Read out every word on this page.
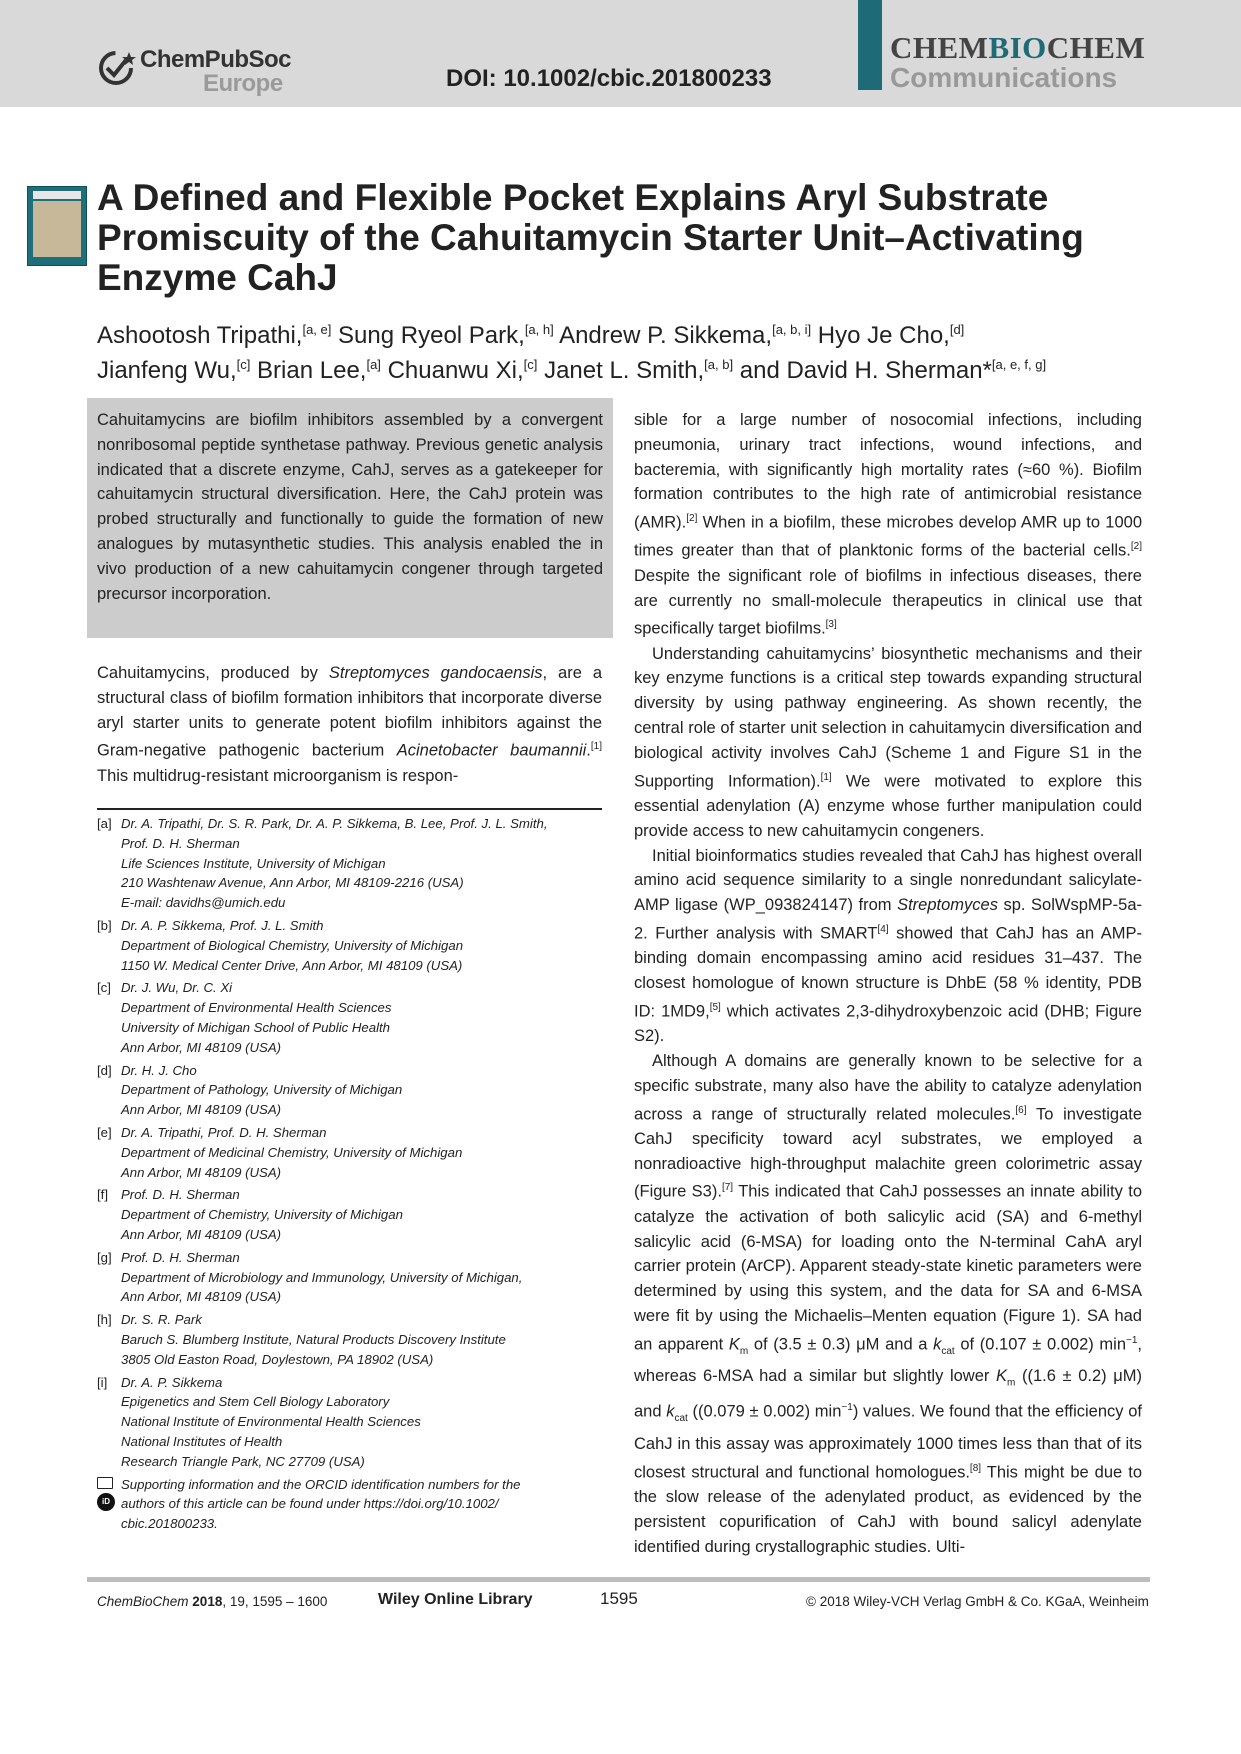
ChemPubSoc
Europe	DOI: 10.1002/cbic.201800233
CHEMBIOCHEM
Communications
A Defined and Flexible Pocket Explains Aryl Substrate Promiscuity of the Cahuitamycin Starter Unit–Activating Enzyme CahJ
Ashootosh Tripathi,[a, e] Sung Ryeol Park,[a, h] Andrew P. Sikkema,[a, b, i] Hyo Je Cho,[d]
Jianfeng Wu,[c] Brian Lee,[a] Chuanwu Xi,[c] Janet L. Smith,[a, b] and David H. Sherman*[a, e, f, g]
Cahuitamycins are biofilm inhibitors assembled by a convergent nonribosomal peptide synthetase pathway. Previous genetic analysis indicated that a discrete enzyme, CahJ, serves as a gatekeeper for cahuitamycin structural diversification. Here, the CahJ protein was probed structurally and functionally to guide the formation of new analogues by mutasynthetic studies. This analysis enabled the in vivo production of a new cahuitamycin congener through targeted precursor incorporation.

Cahuitamycins, produced by Streptomyces gandocaensis, are a structural class of biofilm formation inhibitors that incorporate diverse aryl starter units to generate potent biofilm inhibitors against the Gram-negative pathogenic bacterium Acinetobacter baumannii.[1] This multidrug-resistant microorganism is respon-

[a] Dr. A. Tripathi, Dr. S. R. Park, Dr. A. P. Sikkema, B. Lee, Prof. J. L. Smith,
Prof. D. H. Sherman
Life Sciences Institute, University of Michigan
210 Washtenaw Avenue, Ann Arbor, MI 48109-2216 (USA)
E-mail: davidhs@umich.edu
[b] Dr. A. P. Sikkema, Prof. J. L. Smith
Department of Biological Chemistry, University of Michigan
1150 W. Medical Center Drive, Ann Arbor, MI 48109 (USA)
[c] Dr. J. Wu, Dr. C. Xi
Department of Environmental Health Sciences
University of Michigan School of Public Health
Ann Arbor, MI 48109 (USA)
[d] Dr. H. J. Cho
Department of Pathology, University of Michigan
Ann Arbor, MI 48109 (USA)
[e] Dr. A. Tripathi, Prof. D. H. Sherman
Department of Medicinal Chemistry, University of Michigan
Ann Arbor, MI 48109 (USA)
[f] Prof. D. H. Sherman
Department of Chemistry, University of Michigan
Ann Arbor, MI 48109 (USA)
[g] Prof. D. H. Sherman
Department of Microbiology and Immunology, University of Michigan,
Ann Arbor, MI 48109 (USA)
[h] Dr. S. R. Park
Baruch S. Blumberg Institute, Natural Products Discovery Institute
3805 Old Easton Road, Doylestown, PA 18902 (USA)
[i] Dr. A. P. Sikkema
Epigenetics and Stem Cell Biology Laboratory
National Institute of Environmental Health Sciences
National Institutes of Health
Research Triangle Park, NC 27709 (USA)
iD
Supporting information and the ORCID identification numbers for the
authors of this article can be found under https://doi.org/10.1002/
cbic.201800233.

sible for a large number of nosocomial infections, including pneumonia, urinary tract infections, wound infections, and bacteremia, with significantly high mortality rates (≈60 %). Biofilm formation contributes to the high rate of antimicrobial resistance (AMR).[2] When in a biofilm, these microbes develop AMR up to 1000 times greater than that of planktonic forms of the bacterial cells.[2] Despite the significant role of biofilms in infectious diseases, there are currently no small-molecule therapeutics in clinical use that specifically target biofilms.[3]

Understanding cahuitamycins’ biosynthetic mechanisms and their key enzyme functions is a critical step towards expanding structural diversity by using pathway engineering. As shown recently, the central role of starter unit selection in cahuitamycin diversification and biological activity involves CahJ (Scheme 1 and Figure S1 in the Supporting Information).[1] We were motivated to explore this essential adenylation (A) enzyme whose further manipulation could provide access to new cahuitamycin congeners.

Initial bioinformatics studies revealed that CahJ has highest overall amino acid sequence similarity to a single nonredundant salicylate-AMP ligase (WP_093824147) from Streptomyces sp. SolWspMP-5a-2. Further analysis with SMART[4] showed that CahJ has an AMP-binding domain encompassing amino acid residues 31–437. The closest homologue of known structure is DhbE (58 % identity, PDB ID: 1MD9,[5] which activates 2,3-dihydroxybenzoic acid (DHB; Figure S2).

Although A domains are generally known to be selective for a specific substrate, many also have the ability to catalyze adenylation across a range of structurally related molecules.[6] To investigate CahJ specificity toward acyl substrates, we employed a nonradioactive high-throughput malachite green colorimetric assay (Figure S3).[7] This indicated that CahJ possesses an innate ability to catalyze the activation of both salicylic acid (SA) and 6-methyl salicylic acid (6-MSA) for loading onto the N-terminal CahA aryl carrier protein (ArCP). Apparent steady-state kinetic parameters were determined by using this system, and the data for SA and 6-MSA were fit by using the Michaelis–Menten equation (Figure 1). SA had an apparent $K_m$ of (3.5 ± 0.3) μM and a $k_{cat}$ of (0.107 ± 0.002) $\min^{-1}$, whereas 6-MSA had a similar but slightly lower $K_m$ ((1.6 ± 0.2) μM) and $k_{cat}$ ((0.079 ± 0.002) $\min^{-1}$) values. We found that the efficiency of CahJ in this assay was approximately 1000 times less than that of its closest structural and functional homologues.[8] This might be due to the slow release of the adenylated product, as evidenced by the persistent copurification of CahJ with bound salicyl adenylate identified during crystallographic studies. Ulti-

ChemBioChem 2018, 19, 1595 – 1600	Wiley Online Library	1595	© 2018 Wiley-VCH Verlag GmbH & Co. KGaA, Weinheim
